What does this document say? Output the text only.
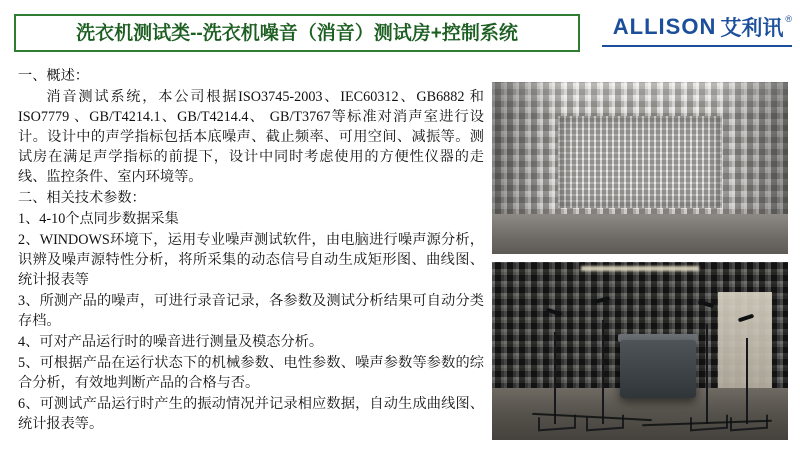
洗衣机测试类--洗衣机噪音（消音）测试房+控制系统	ALLISON 艾利讯 ®

一、概述：

消音测试系统，本公司根据ISO3745-2003、IEC60312、GB6882 和ISO7779 、GB/T4214.1、GB/T4214.4、 GB/T3767等标准对消声室进行设计。设计中的声学指标包括本底噪声、截止频率、可用空间、减振等。测试房在满足声学指标的前提下，设计中同时考虑使用的方便性仪器的走线、监控条件、室内环境等。

二、相关技术参数：

1、4-10个点同步数据采集

2、WINDOWS环境下，运用专业噪声测试软件，由电脑进行噪声源分析，识辨及噪声源特性分析，将所采集的动态信号自动生成矩形图、曲线图、统计报表等

3、所测产品的噪声，可进行录音记录，各参数及测试分析结果可自动分类存档。

4、可对产品运行时的噪音进行测量及模态分析。

5、可根据产品在运行状态下的机械参数、电性参数、噪声参数等参数的综合分析，有效地判断产品的合格与否。

6、可测试产品运行时产生的振动情况并记录相应数据，自动生成曲线图、统计报表等。
